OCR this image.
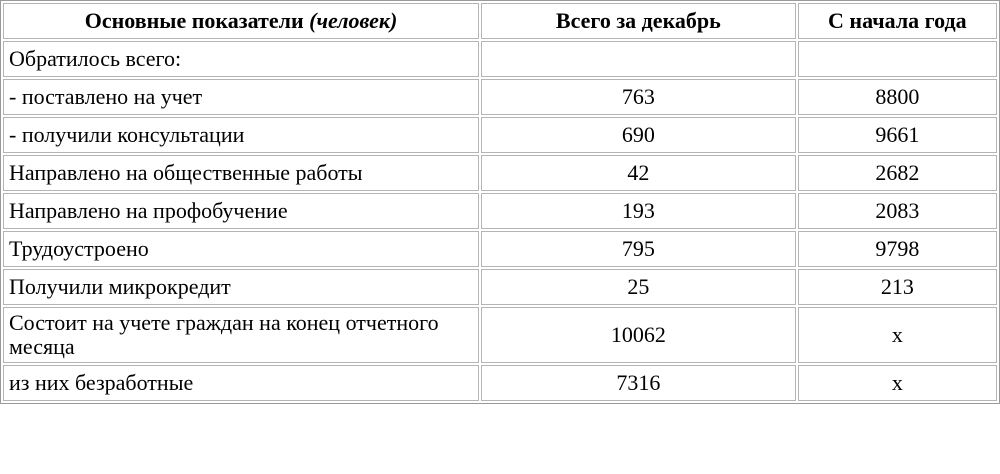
Основные показатели (человек)	Всего за декабрь	С начала года
Обратилось всего:		
- поставлено на учет	763	8800
- получили консультации	690	9661
Направлено на общественные работы	42	2682
Направлено на профобучение	193	2083
Трудоустроено	795	9798
Получили микрокредит	25	213
Состоит на учете граждан на конец отчетного месяца	10062	х
из них безработные	7316	х
